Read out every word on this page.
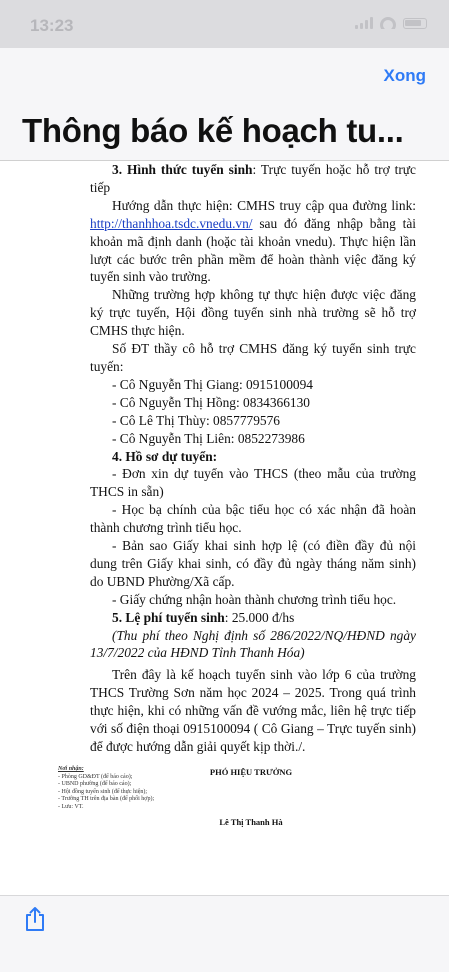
13:23
Xong
Thông báo kế hoạch tu...

3. Hình thức tuyển sinh: Trực tuyến hoặc hỗ trợ trực tiếp

Hướng dẫn thực hiện: CMHS truy cập qua đường link: http://thanhhoa.tsdc.vnedu.vn/ sau đó đăng nhập bằng tài khoản mã định danh (hoặc tài khoản vnedu). Thực hiện lần lượt các bước trên phần mềm để hoàn thành việc đăng ký tuyển sinh vào trường.

Những trường hợp không tự thực hiện được việc đăng ký trực tuyến, Hội đồng tuyển sinh nhà trường sẽ hỗ trợ CMHS thực hiện.

Số ĐT thầy cô hỗ trợ CMHS đăng ký tuyển sinh trực tuyến:

- Cô Nguyễn Thị Giang: 0915100094

- Cô Nguyễn Thị Hồng: 0834366130

- Cô Lê Thị Thùy: 0857779576

- Cô Nguyễn Thị Liên: 0852273986

4. Hồ sơ dự tuyển:

- Đơn xin dự tuyển vào THCS (theo mẫu của trường THCS in sẵn)

- Học bạ chính của bậc tiểu học có xác nhận đã hoàn thành chương trình tiểu học.

- Bản sao Giấy khai sinh hợp lệ (có điền đầy đủ nội dung trên Giấy khai sinh, có đầy đủ ngày tháng năm sinh) do UBND Phường/Xã cấp.

- Giấy chứng nhận hoàn thành chương trình tiểu học.

5. Lệ phí tuyển sinh: 25.000 đ/hs

(Thu phí theo Nghị định số 286/2022/NQ/HĐND ngày 13/7/2022 của HĐND Tỉnh Thanh Hóa)

Trên đây là kế hoạch tuyển sinh vào lớp 6 của trường THCS Trường Sơn năm học 2024 – 2025. Trong quá trình thực hiện, khi có những vấn đề vướng mắc, liên hệ trực tiếp với số điện thoại 0915100094 ( Cô Giang – Trực tuyến sinh) để được hướng dẫn giải quyết kịp thời./.

Nơi nhận:
- Phòng GD&ĐT (để báo cáo);
- UBND phường (để báo cáo);
- Hội đồng tuyển sinh (để thực hiện);
- Trường TH trên địa bàn (để phối hợp);
- Lưu: VT.
PHÓ HIỆU TRƯỞNG
Lê Thị Thanh Hà
